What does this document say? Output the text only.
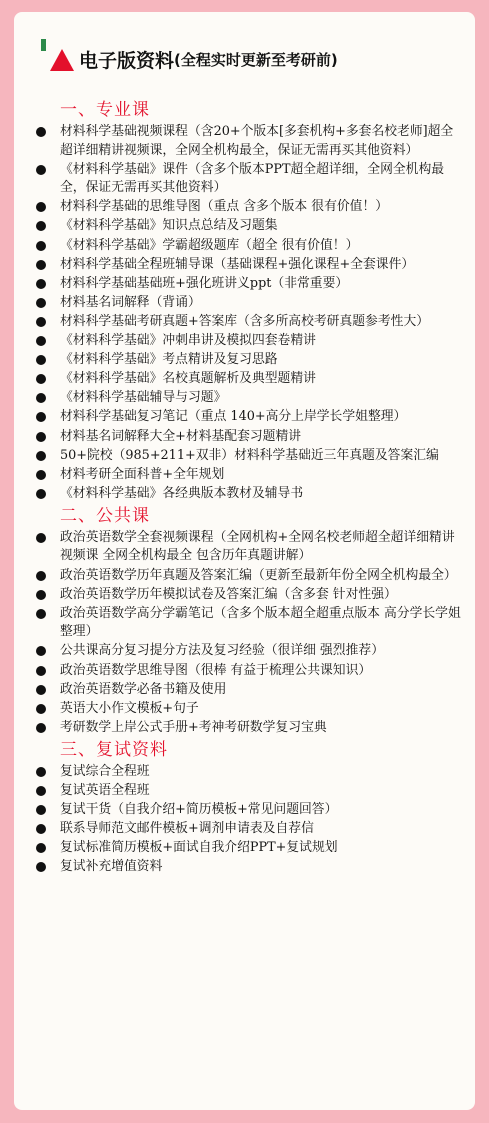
电子版资料 (全程实时更新至考研前)
一、专业课
材料科学基础视频课程（含20+个版本[多套机构+多套名校老师]超全超详细精讲视频课，全网全机构最全，保证无需再买其他资料）
《材料科学基础》课件（含多个版本PPT超全超详细，全网全机构最全，保证无需再买其他资料）
材料科学基础的思维导图（重点 含多个版本 很有价值！）
《材料科学基础》知识点总结及习题集
《材料科学基础》学霸超级题库（超全 很有价值！）
材料科学基础全程班辅导课（基础课程+强化课程+全套课件）
材料科学基础基础班+强化班讲义ppt（非常重要）
材料基名词解释（背诵）
材料科学基础考研真题+答案库（含多所高校考研真题参考性大）
《材料科学基础》冲刺串讲及模拟四套卷精讲
《材料科学基础》考点精讲及复习思路
《材料科学基础》名校真题解析及典型题精讲
《材料科学基础辅导与习题》
材料科学基础复习笔记（重点 140+高分上岸学长学姐整理）
材料基名词解释大全+材料基配套习题精讲
50+院校（985+211+双非）材料科学基础近三年真题及答案汇编
材料考研全面科普+全年规划
《材料科学基础》各经典版本教材及辅导书
二、公共课
政治英语数学全套视频课程（全网机构+全网名校老师超全超详细精讲视频课 全网全机构最全 包含历年真题讲解）
政治英语数学历年真题及答案汇编（更新至最新年份全网全机构最全）
政治英语数学历年模拟试卷及答案汇编（含多套 针对性强）
政治英语数学高分学霸笔记（含多个版本超全超重点版本 高分学长学姐整理）
公共课高分复习提分方法及复习经验（很详细 强烈推荐）
政治英语数学思维导图（很棒 有益于梳理公共课知识）
政治英语数学必备书籍及使用
英语大小作文模板+句子
考研数学上岸公式手册+考神考研数学复习宝典
三、复试资料
复试综合全程班
复试英语全程班
复试干货（自我介绍+简历模板+常见问题回答）
联系导师范文邮件模板+调剂申请表及自荐信
复试标准简历模板+面试自我介绍PPT+复试规划
复试补充增值资料
